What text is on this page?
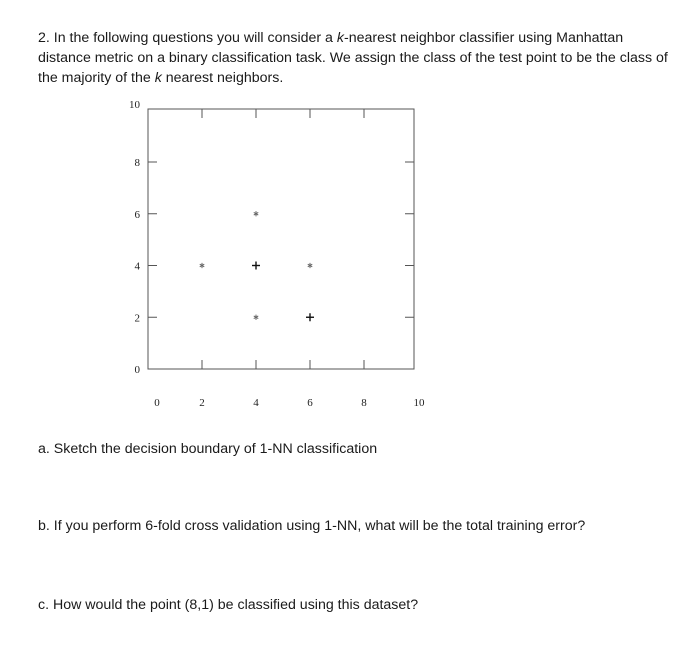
2. In the following questions you will consider a k-nearest neighbor classifier using Manhattan distance metric on a binary classification task. We assign the class of the test point to be the class of the majority of the k nearest neighbors.
0
2
4
6
8
10
0	2	4	6	8	10
a. Sketch the decision boundary of 1-NN classification
b. If you perform 6-fold cross validation using 1-NN, what will be the total training error?
c. How would the point (8,1) be classified using this dataset?
